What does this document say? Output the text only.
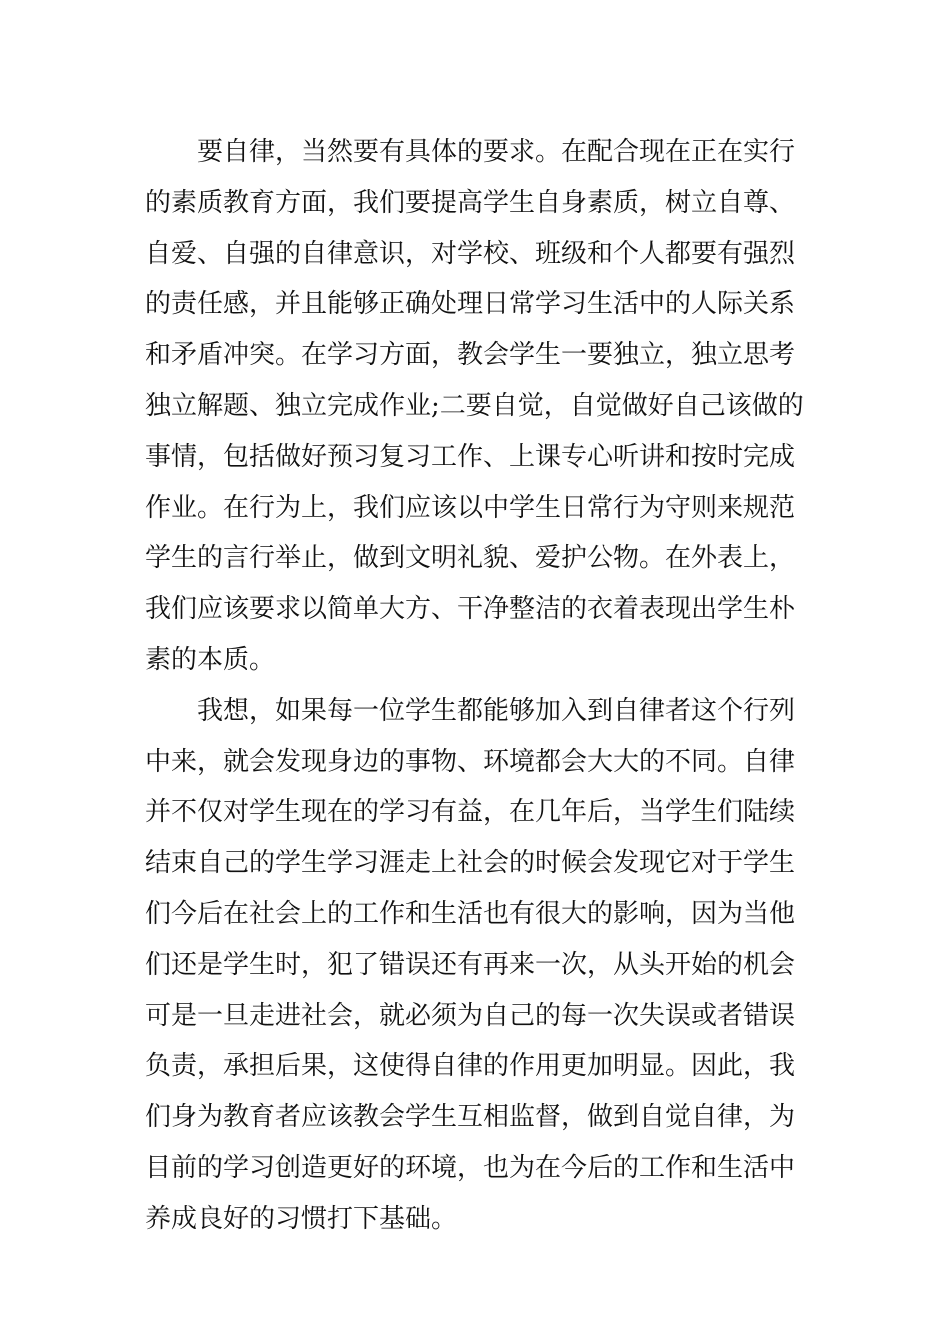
要自律，当然要有具体的要求。在配合现在正在实行
的素质教育方面，我们要提高学生自身素质，树立自尊、
自爱、自强的自律意识，对学校、班级和个人都要有强烈
的责任感，并且能够正确处理日常学习生活中的人际关系
和矛盾冲突。在学习方面，教会学生一要独立，独立思考
独立解题、独立完成作业;二要自觉，自觉做好自己该做的
事情，包括做好预习复习工作、上课专心听讲和按时完成
作业。在行为上，我们应该以中学生日常行为守则来规范
学生的言行举止，做到文明礼貌、爱护公物。在外表上，
我们应该要求以简单大方、干净整洁的衣着表现出学生朴
素的本质。
我想，如果每一位学生都能够加入到自律者这个行列
中来，就会发现身边的事物、环境都会大大的不同。自律
并不仅对学生现在的学习有益，在几年后，当学生们陆续
结束自己的学生学习涯走上社会的时候会发现它对于学生
们今后在社会上的工作和生活也有很大的影响，因为当他
们还是学生时，犯了错误还有再来一次，从头开始的机会
可是一旦走进社会，就必须为自己的每一次失误或者错误
负责，承担后果，这使得自律的作用更加明显。因此，我
们身为教育者应该教会学生互相监督，做到自觉自律，为
目前的学习创造更好的环境，也为在今后的工作和生活中
养成良好的习惯打下基础。
